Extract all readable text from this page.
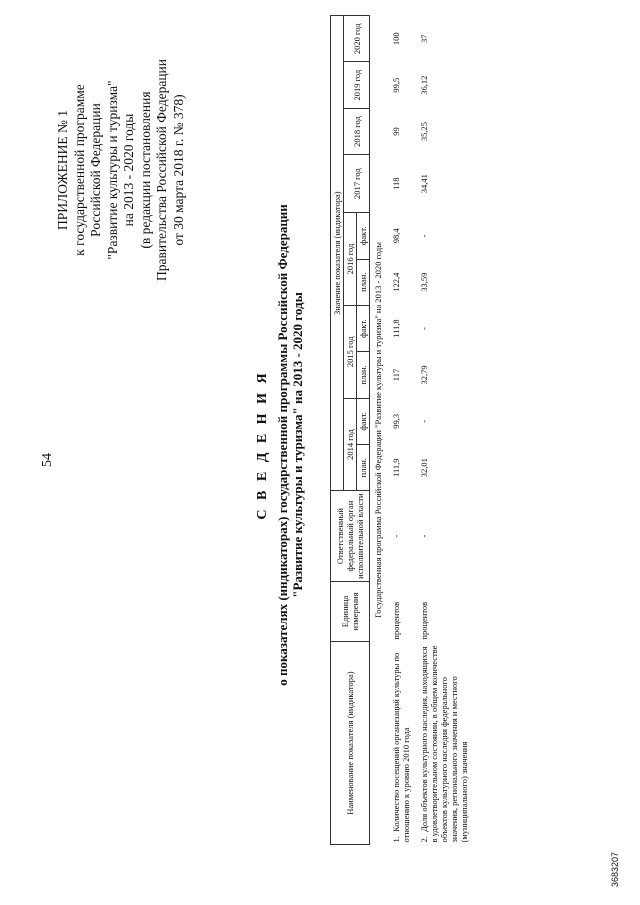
54
ПРИЛОЖЕНИЕ № 1 к государственной программе Российской Федерации "Развитие культуры и туризма" на 2013 - 2020 годы (в редакции постановления Правительства Российской Федерации от 30 марта 2018 г. № 378)
С В Е Д Е Н И Я о показателях (индикаторах) государственной программы Российской Федерации "Развитие культуры и туризма" на 2013 - 2020 годы
Наименование показателя (индикатора)	Единица измерения	Ответственный федеральный орган исполнительной власти	Значение показателя (индикатора)									
			2014 год		2015 год		2016 год		2017 год	2018 год	2019 год	2020 год
			план.	факт.	план.	факт.	план.	факт.				
Государственная программа Российской Федерации "Развитие культуры и туризма" на 2013 - 2020 годы												
1.  Количество посещений организаций культуры по отношению к уровню 2010 года	процентов	-	111,9	99,3	117	111,8	122,4	98,4	118	99	99,5	100
2.  Доля объектов культурного наследия, находящихся в удовлетворительном состоянии, в общем количестве объектов культурного наследия федерального значения, регионального значения и местного (муниципального) значения	процентов	-	32,01	-	32,79	-	33,59	-	34,41	35,25	36,12	37
3683207
